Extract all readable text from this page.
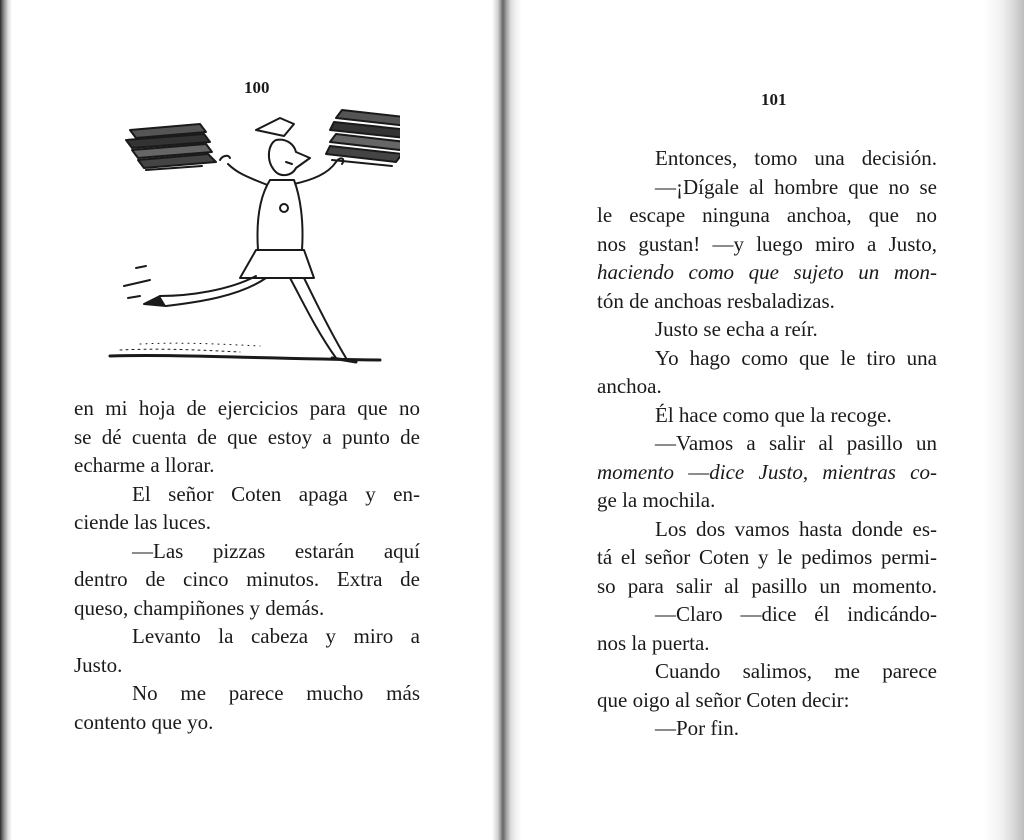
100
en mi hoja de ejercicios para que no
se dé cuenta de que estoy a punto de
echarme a llorar.
El señor Coten apaga y en-
ciende las luces.
—Las pizzas estarán aquí
dentro de cinco minutos. Extra de
queso, champiñones y demás.
Levanto la cabeza y miro a
Justo.
No me parece mucho más
contento que yo.
101
Entonces, tomo una decisión.
—¡Dígale al hombre que no se
le escape ninguna anchoa, que no
nos gustan! —y luego miro a Justo,
haciendo como que sujeto un mon-
tón de anchoas resbaladizas.
Justo se echa a reír.
Yo hago como que le tiro una
anchoa.
Él hace como que la recoge.
—Vamos a salir al pasillo un
momento —dice Justo, mientras co-
ge la mochila.
Los dos vamos hasta donde es-
tá el señor Coten y le pedimos permi-
so para salir al pasillo un momento.
—Claro —dice él indicándo-
nos la puerta.
Cuando salimos, me parece
que oigo al señor Coten decir:
—Por fin.
